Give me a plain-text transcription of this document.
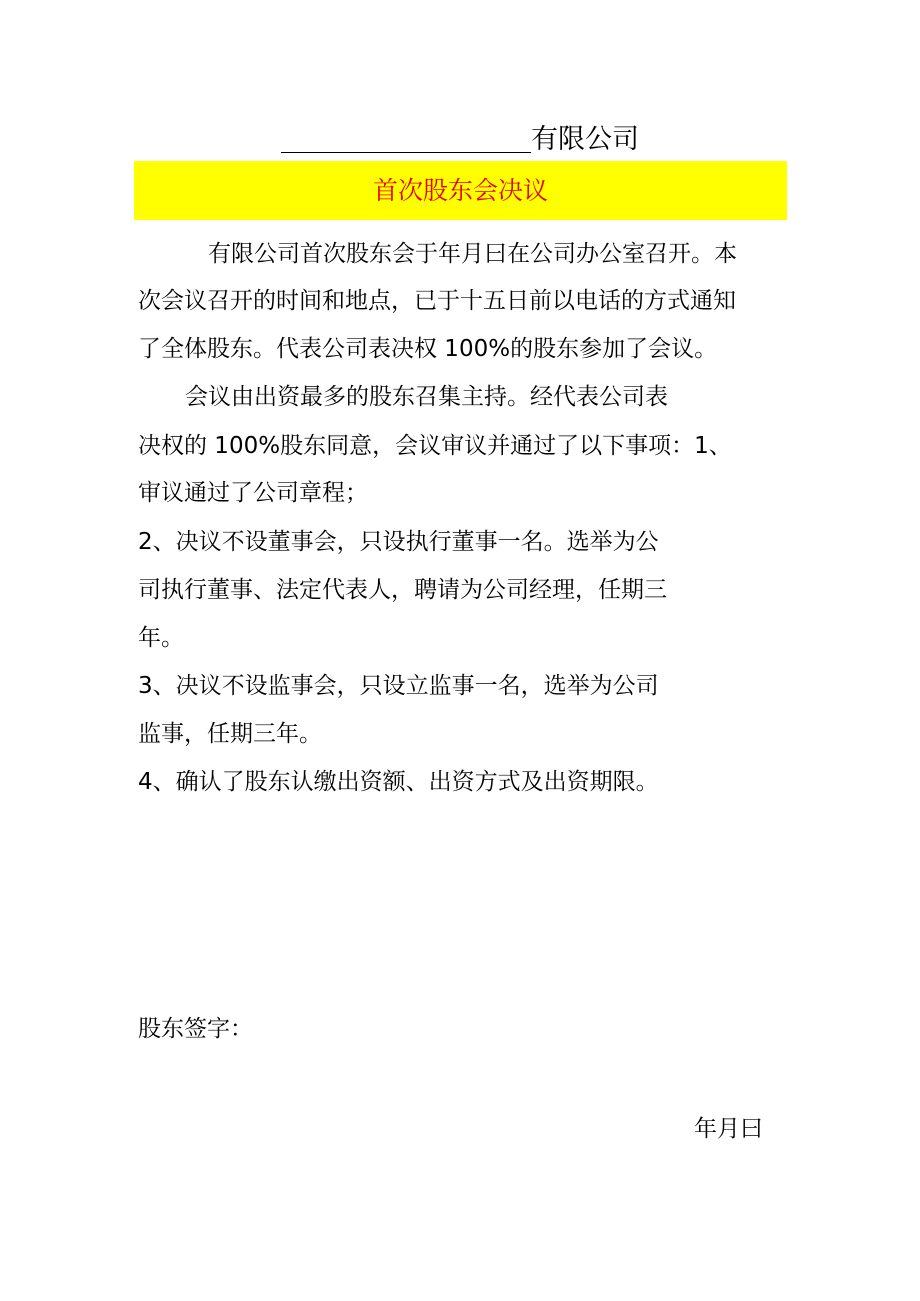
有限公司
首次股东会决议
有限公司首次股东会于年月曰在公司办公室召开。本
次会议召开的时间和地点，已于十五日前以电话的方式通知
了全体股东。代表公司表决权 100%的股东参加了会议。
会议由出资最多的股东召集主持。经代表公司表
决权的 100%股东同意，会议审议并通过了以下事项：1、
审议通过了公司章程；
2、决议不设董事会，只设执行董事一名。选举为公
司执行董事、法定代表人，聘请为公司经理，任期三
年。
3、决议不设监事会，只设立监事一名，选举为公司
监事，任期三年。
4、确认了股东认缴出资额、出资方式及出资期限。
股东签字：
年月曰
